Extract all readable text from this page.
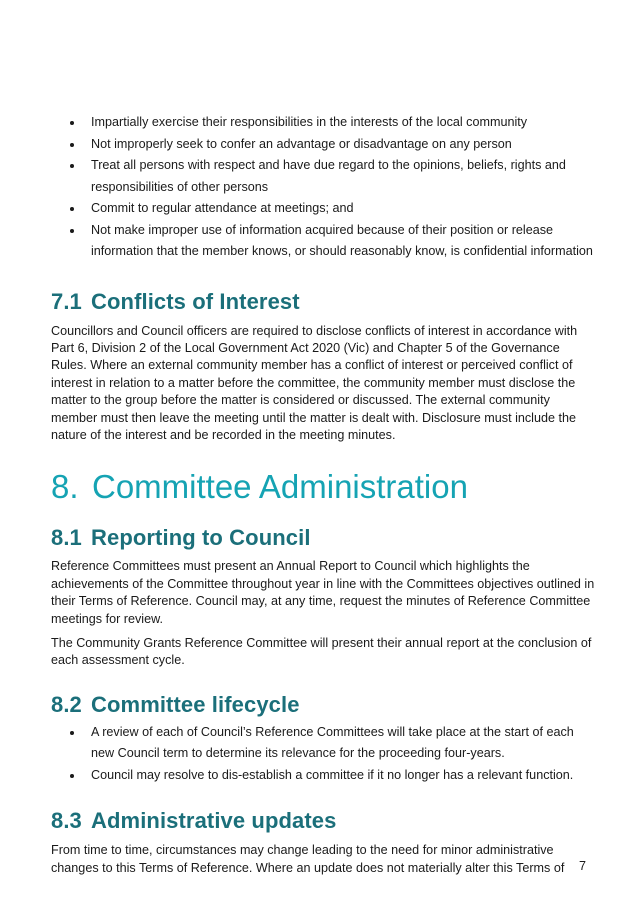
Impartially exercise their responsibilities in the interests of the local community
Not improperly seek to confer an advantage or disadvantage on any person
Treat all persons with respect and have due regard to the opinions, beliefs, rights and responsibilities of other persons
Commit to regular attendance at meetings; and
Not make improper use of information acquired because of their position or release information that the member knows, or should reasonably know, is confidential information
7.1 Conflicts of Interest

Councillors and Council officers are required to disclose conflicts of interest in accordance with Part 6, Division 2 of the Local Government Act 2020 (Vic) and Chapter 5 of the Governance Rules. Where an external community member has a conflict of interest or perceived conflict of interest in relation to a matter before the committee, the community member must disclose the matter to the group before the matter is considered or discussed. The external community member must then leave the meeting until the matter is dealt with. Disclosure must include the nature of the interest and be recorded in the meeting minutes.

8. Committee Administration
8.1 Reporting to Council

Reference Committees must present an Annual Report to Council which highlights the achievements of the Committee throughout year in line with the Committees objectives outlined in their Terms of Reference. Council may, at any time, request the minutes of Reference Committee meetings for review.

The Community Grants Reference Committee will present their annual report at the conclusion of each assessment cycle.

8.2 Committee lifecycle
A review of each of Council’s Reference Committees will take place at the start of each new Council term to determine its relevance for the proceeding four-years.
Council may resolve to dis-establish a committee if it no longer has a relevant function.
8.3 Administrative updates

From time to time, circumstances may change leading to the need for minor administrative changes to this Terms of Reference. Where an update does not materially alter this Terms of	7
